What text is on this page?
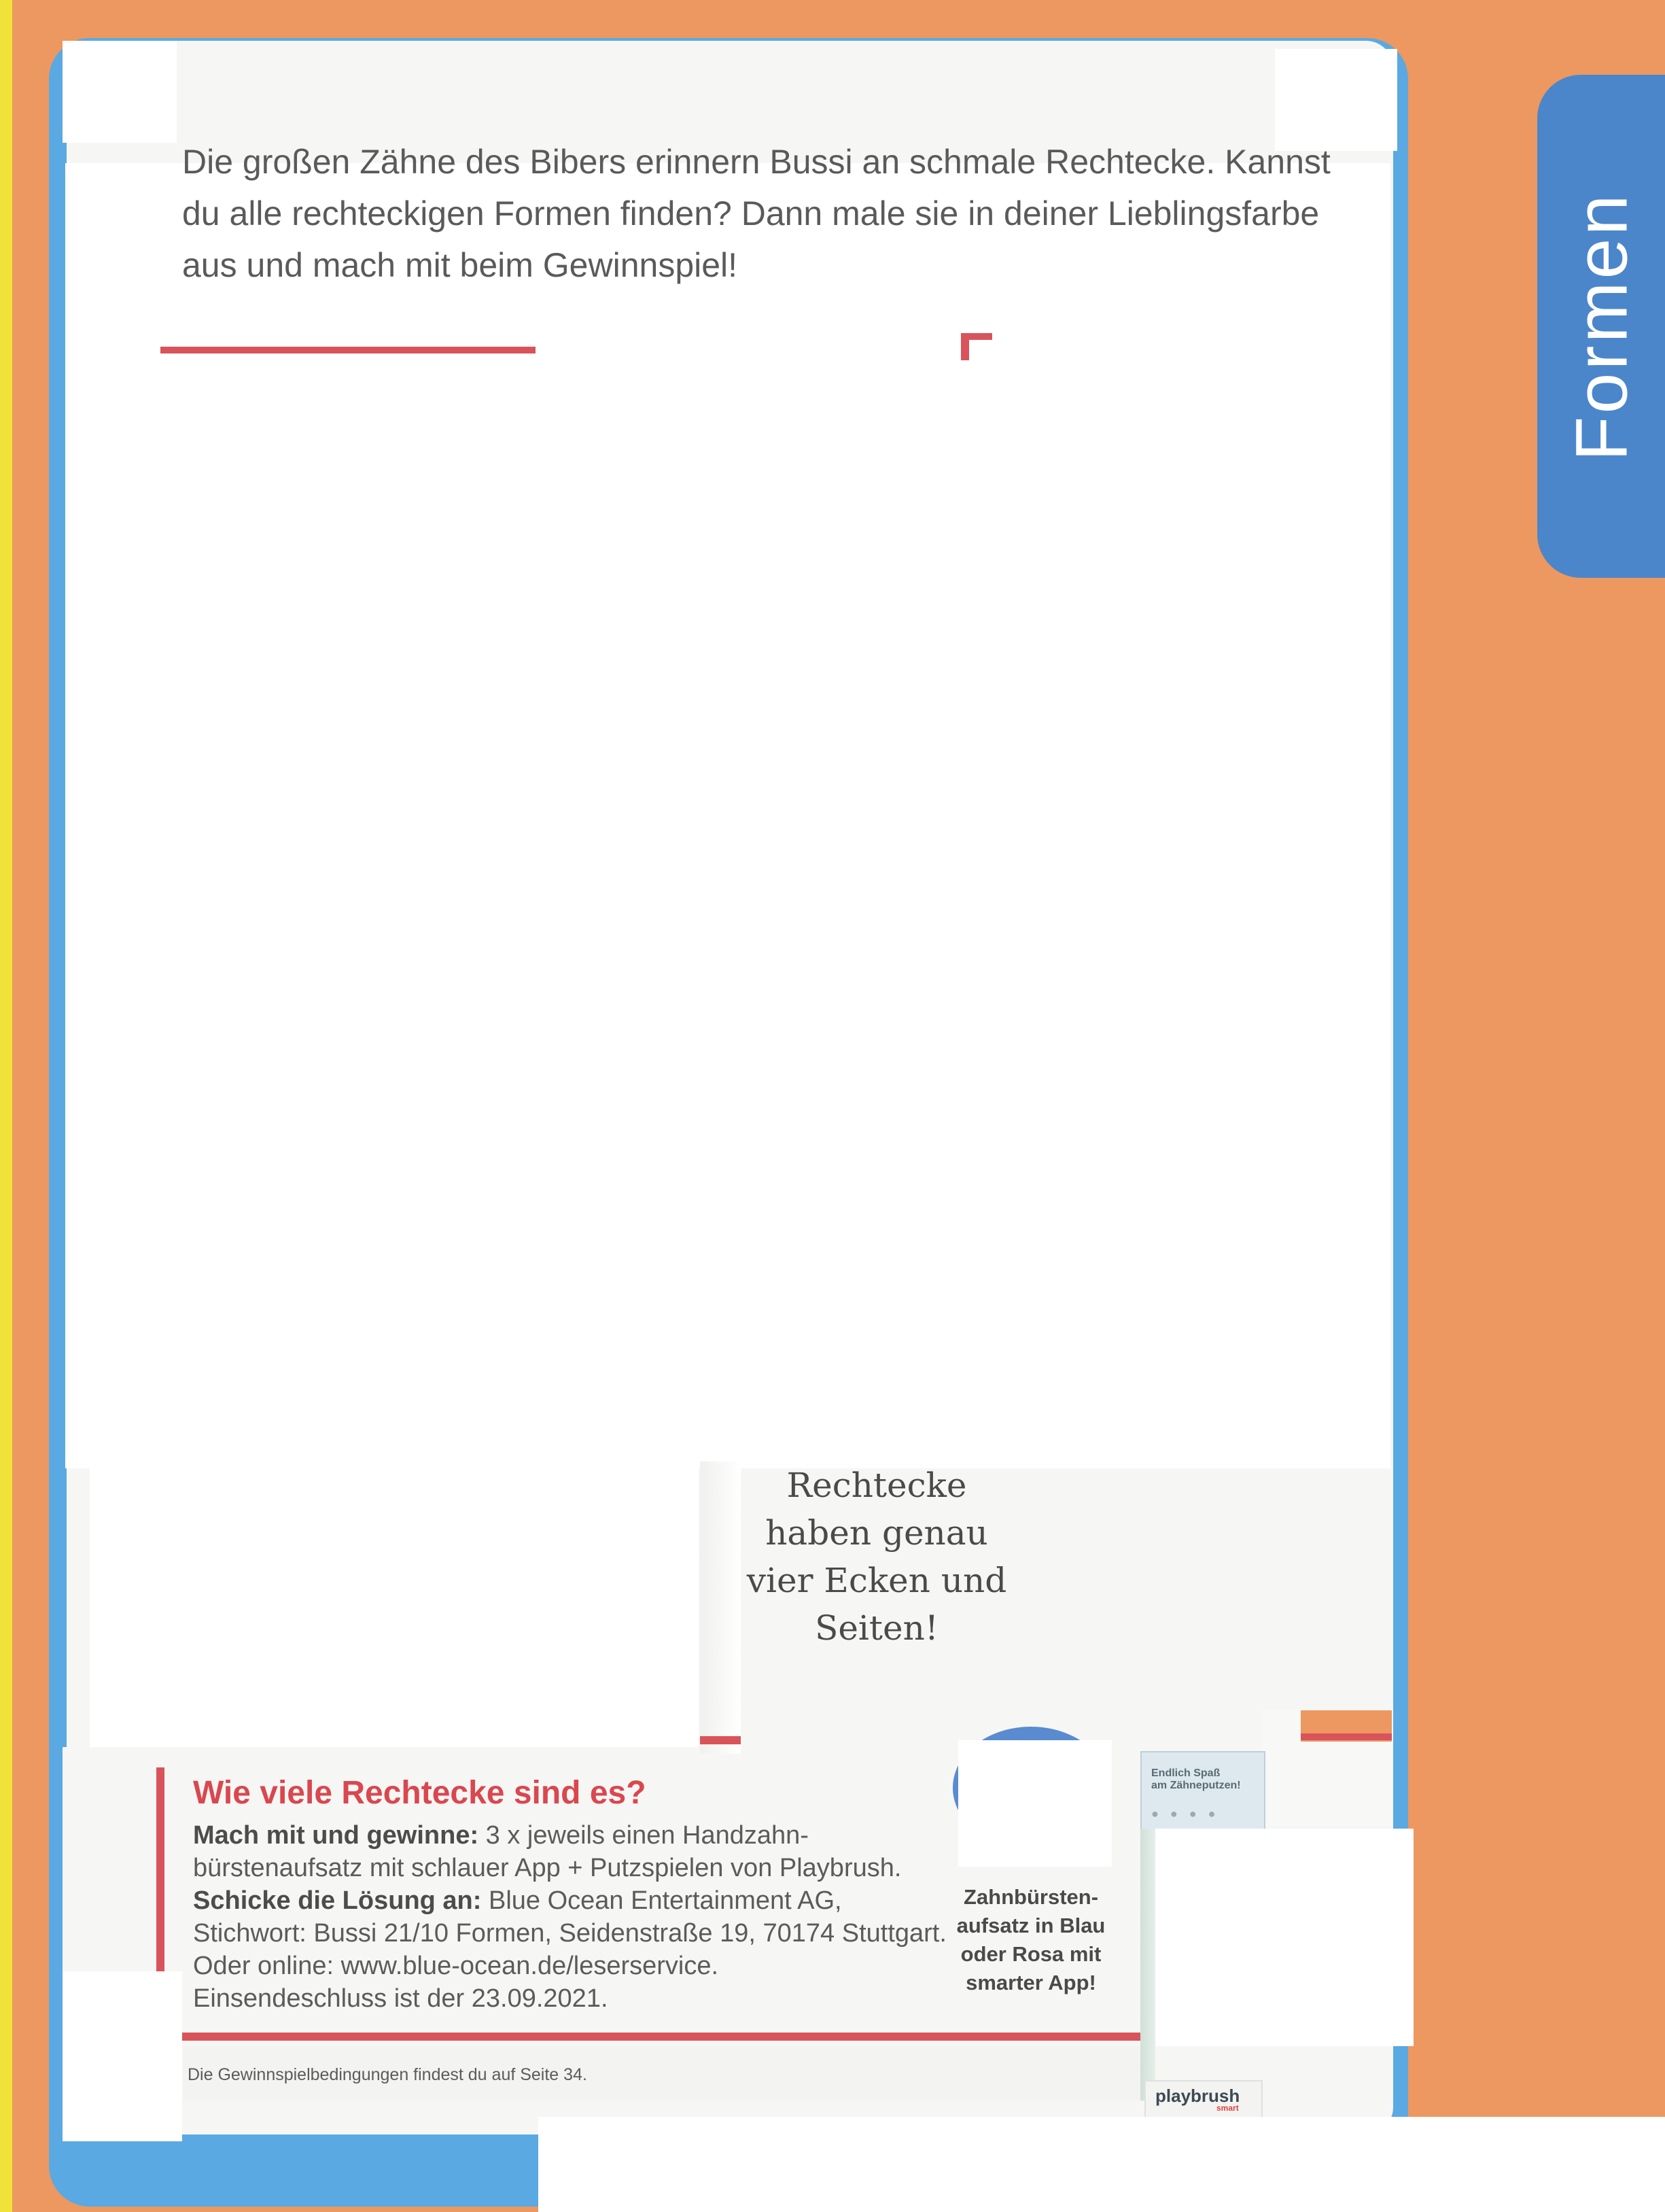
Formen
Die großen Zähne des Bibers erinnern Bussi an schmale Rechtecke. Kannst
du alle rechteckigen Formen finden? Dann male sie in deiner Lieblingsfarbe
aus und mach mit beim Gewinnspiel!
Rechtecke
haben genau
vier Ecken und
Seiten!
Wie viele Rechtecke sind es?
Mach mit und gewinne: 3 x jeweils einen Handzahn-
bürstenaufsatz mit schlauer App + Putzspielen von Playbrush.
Schicke die Lösung an: Blue Ocean Entertainment AG,
Stichwort: Bussi 21/10 Formen, Seidenstraße 19, 70174 Stuttgart.
Oder online: www.blue-ocean.de/leserservice.
Einsendeschluss ist der 23.09.2021.
Zahnbürsten-
aufsatz in Blau
oder Rosa mit
smarter App!
Die Gewinnspielbedingungen findest du auf Seite 34.
Endlich Spaß
am Zähneputzen!
● ● ● ●
playbrush
smart
